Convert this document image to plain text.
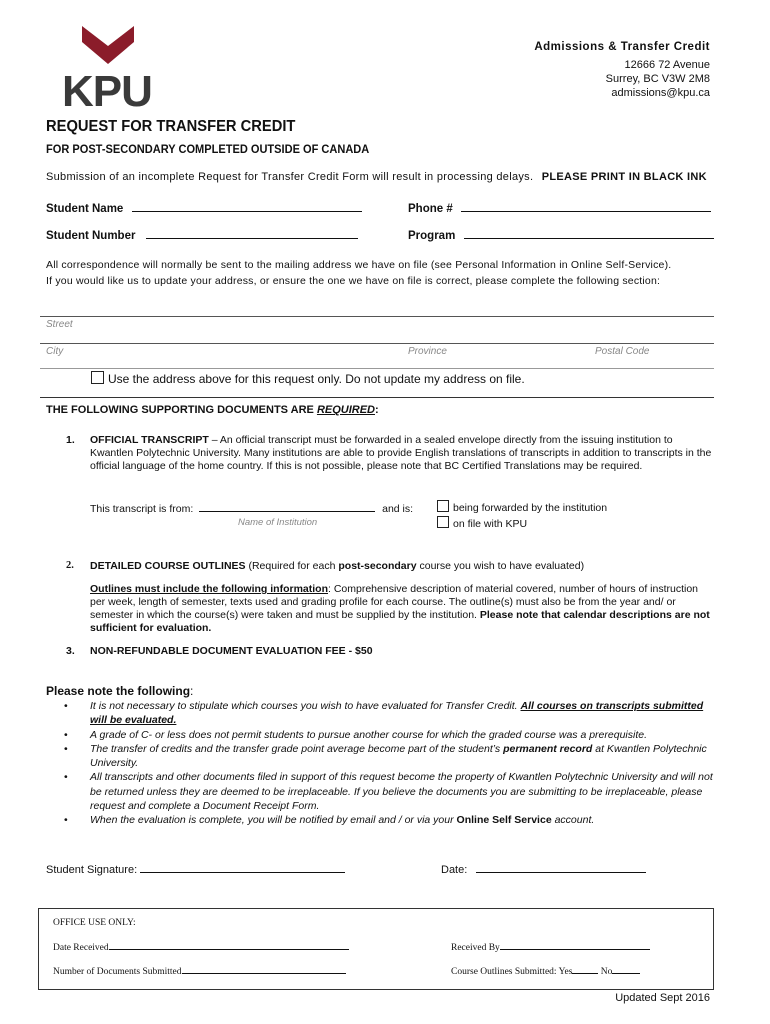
KPU
Admissions & Transfer Credit
12666 72 Avenue
Surrey, BC V3W 2M8
admissions@kpu.ca
REQUEST FOR TRANSFER CREDIT
FOR POST-SECONDARY COMPLETED OUTSIDE OF CANADA
Submission of an incomplete Request for Transfer Credit Form will result in processing delays. PLEASE PRINT IN BLACK INK
Student Name	Phone #
Student Number	Program
All correspondence will normally be sent to the mailing address we have on file (see Personal Information in Online Self-Service).
If you would like us to update your address, or ensure the one we have on file is correct, please complete the following section:
Street
City	Province	Postal Code
Use the address above for this request only. Do not update my address on file.
THE FOLLOWING SUPPORTING DOCUMENTS ARE REQUIRED:
1. OFFICIAL TRANSCRIPT – An official transcript must be forwarded in a sealed envelope directly from the issuing institution to Kwantlen Polytechnic University. Many institutions are able to provide English translations of transcripts in addition to transcripts in the official language of the home country. If this is not possible, please note that BC Certified Translations may be required.
This transcript is from:	and is:
Name of Institution
being forwarded by the institution
on file with KPU
2. DETAILED COURSE OUTLINES (Required for each post-secondary course you wish to have evaluated)
Outlines must include the following information: Comprehensive description of material covered, number of hours of instruction per week, length of semester, texts used and grading profile for each course. The outline(s) must also be from the year and/ or semester in which the course(s) were taken and must be supplied by the institution. Please note that calendar descriptions are not sufficient for evaluation.
3. NON-REFUNDABLE DOCUMENT EVALUATION FEE - $50
Please note the following:
• It is not necessary to stipulate which courses you wish to have evaluated for Transfer Credit. All courses on transcripts submitted will be evaluated.
• A grade of C- or less does not permit students to pursue another course for which the graded course was a prerequisite.
• The transfer of credits and the transfer grade point average become part of the student’s permanent record at Kwantlen Polytechnic University.
• All transcripts and other documents filed in support of this request become the property of Kwantlen Polytechnic University and will not be returned unless they are deemed to be irreplaceable. If you believe the documents you are submitting to be irreplaceable, please request and complete a Document Receipt Form.
• When the evaluation is complete, you will be notified by email and / or via your Online Self Service account.
Student Signature:	Date:
OFFICE USE ONLY:
Date Received	Received By
Number of Documents Submitted	Course Outlines Submitted: Yes	No
Updated Sept 2016
